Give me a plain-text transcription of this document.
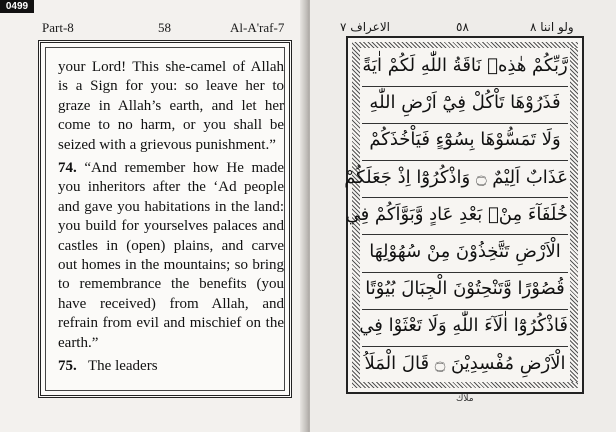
0499
Part-8	58	Al-A'raf-7

your Lord! This she-camel of Allah is a Sign for you: so leave her to graze in Allah’s earth, and let her come to no harm, or you shall be seized with a grievous punishment.”

74. “And remember how He made you inheritors after the ‘Ad people and gave you habitations in the land: you build for yourselves palaces and castles in (open) plains, and carve out homes in the mountains; so bring to remembrance the benefits (you have received) from Allah, and refrain from evil and mischief on the earth.”

75. The leaders

ولو اننا ٨
٥٨
الاعراف ٧
رَّبِّكُمْ هٰذِهٖ نَاقَةُ اللّٰهِ لَكُمْ اٰيَةً
فَذَرُوْهَا تَاْكُلْ فِيْٓ اَرْضِ اللّٰهِ
وَلَا تَمَسُّوْهَا بِسُوْٓءٍ فَيَاْخُذَكُمْ
عَذَابٌ اَلِيْمٌ ۝ وَاذْكُرُوْٓا اِذْ جَعَلَكُمْ
خُلَفَآءَ مِنْۢ بَعْدِ عَادٍ وَّبَوَّاَكُمْ فِي
الْاَرْضِ تَتَّخِذُوْنَ مِنْ سُهُوْلِهَا
قُصُوْرًا وَّتَنْحِتُوْنَ الْجِبَالَ بُيُوْتًا
فَاذْكُرُوْٓا اٰلَآءَ اللّٰهِ وَلَا تَعْثَوْا فِي
الْاَرْضِ مُفْسِدِيْنَ ۝ قَالَ الْمَلَاُ
ملاك
